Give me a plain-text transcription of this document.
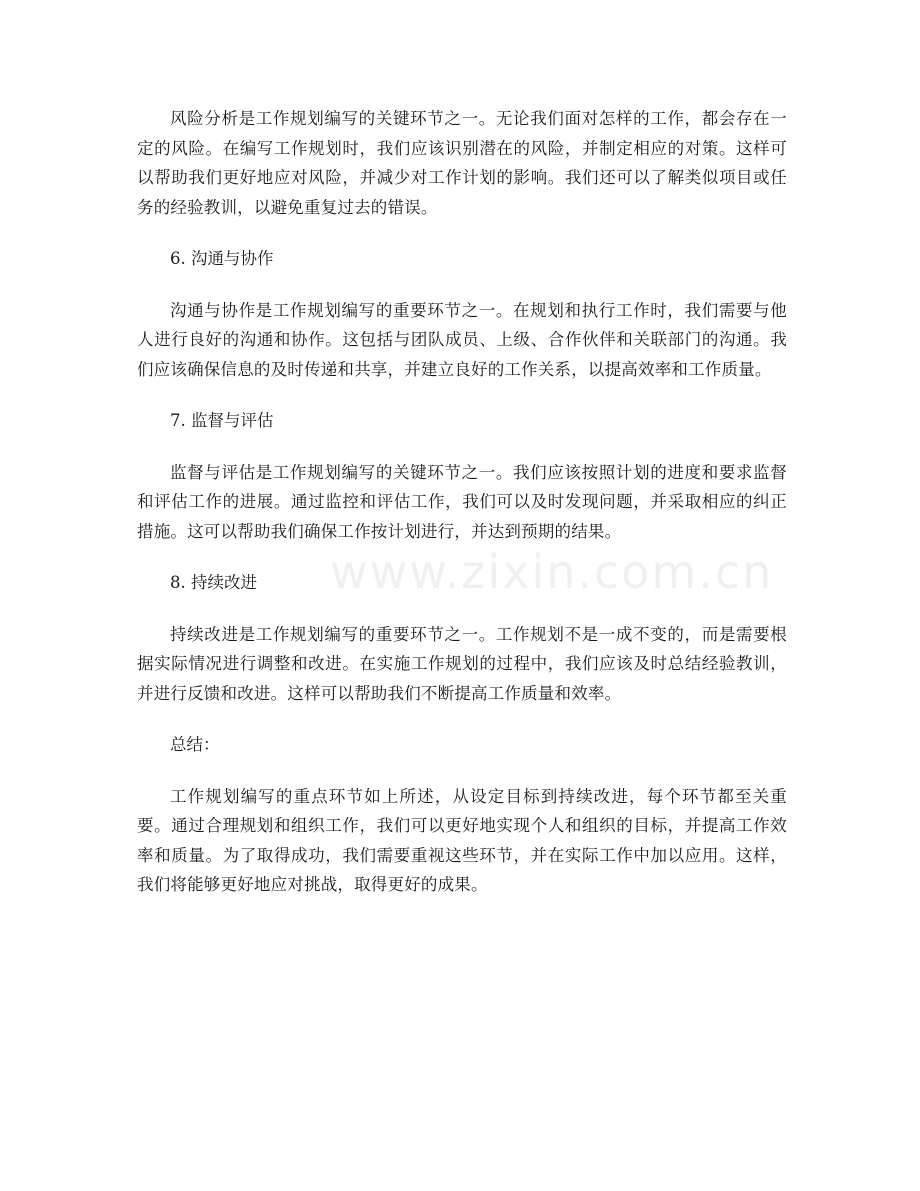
风险分析是工作规划编写的关键环节之一。无论我们面对怎样的工作，都会存在一定的风险。在编写工作规划时，我们应该识别潜在的风险，并制定相应的对策。这样可以帮助我们更好地应对风险，并减少对工作计划的影响。我们还可以了解类似项目或任务的经验教训，以避免重复过去的错误。

6. 沟通与协作

沟通与协作是工作规划编写的重要环节之一。在规划和执行工作时，我们需要与他人进行良好的沟通和协作。这包括与团队成员、上级、合作伙伴和关联部门的沟通。我们应该确保信息的及时传递和共享，并建立良好的工作关系，以提高效率和工作质量。

7. 监督与评估

监督与评估是工作规划编写的关键环节之一。我们应该按照计划的进度和要求监督和评估工作的进展。通过监控和评估工作，我们可以及时发现问题，并采取相应的纠正措施。这可以帮助我们确保工作按计划进行，并达到预期的结果。

8. 持续改进

持续改进是工作规划编写的重要环节之一。工作规划不是一成不变的，而是需要根据实际情况进行调整和改进。在实施工作规划的过程中，我们应该及时总结经验教训，并进行反馈和改进。这样可以帮助我们不断提高工作质量和效率。

总结：

工作规划编写的重点环节如上所述，从设定目标到持续改进，每个环节都至关重要。通过合理规划和组织工作，我们可以更好地实现个人和组织的目标，并提高工作效率和质量。为了取得成功，我们需要重视这些环节，并在实际工作中加以应用。这样，我们将能够更好地应对挑战，取得更好的成果。

www.zixin.com.cn
